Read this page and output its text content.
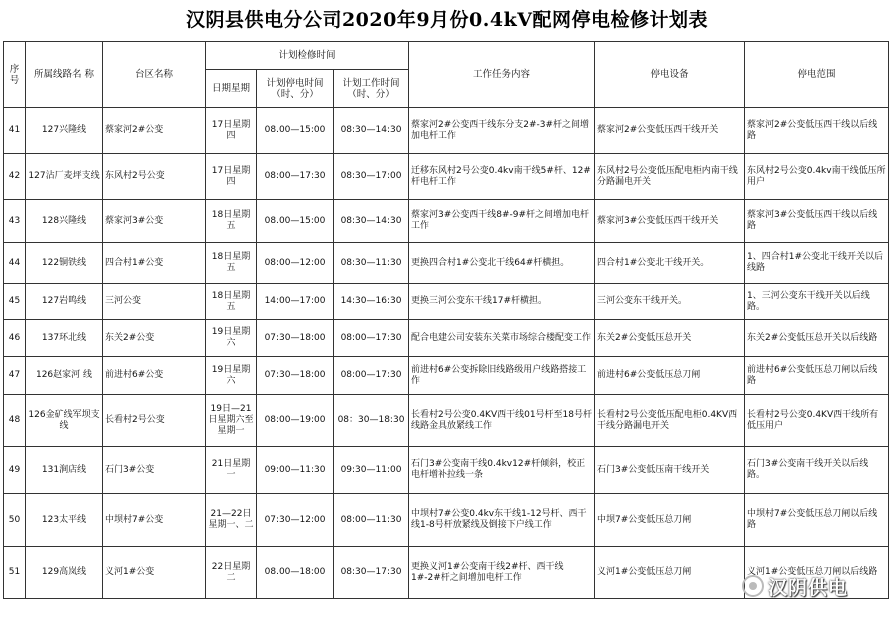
汉阴县供电分公司2020年9月份0.4kV配网停电检修计划表
序号	所属线路名 称	台区名称	计划检修时间			工作任务内容	停电设备	停电范围
			日期星期	计划停电时间（时、分）	计划工作时间（时、分）			
41	127兴隆线	蔡家河2#公变	17日星期四	08.00—15:00	08:30—14:30	蔡家河2#公变西干线东分支2#-3#杆之间增加电杆工作	蔡家河2#公变低压西干线开关	蔡家河2#公变低压西干线以后线路
42	127沾厂麦坪支线	东风村2号公变	17日星期四	08:00—17:30	08:30—17:00	迁移东风村2号公变0.4kv南干线5#杆、12#杆电杆工作	东风村2号公变低压配电柜内南干线分路漏电开关	东风村2号公变0.4kv南干线低压所用户
43	128兴隆线	蔡家河3#公变	18日星期五	08.00—15:00	08:30—14:30	蔡家河3#公变西干线8#-9#杆之间增加电杆工作	蔡家河3#公变低压西干线开关	蔡家河3#公变低压西干线以后线路
44	122铜铁线	四合村1#公变	18日星期五	08:00—12:00	08:30—11:30	更换四合村1#公变北干线64#杆横担。	四合村1#公变北干线开关。	1、四合村1#公变北干线开关以后线路
45	127岩鸣线	三河公变	18日星期五	14:00—17:00	14:30—16:30	更换三河公变东干线17#杆横担。	三河公变东干线开关。	1、三河公变东干线开关以后线路。
46	137环北线	东关2#公变	19日星期六	07:30—18:00	08:00—17:30	配合电建公司安装东关菜市场综合楼配变工作	东关2#公变低压总开关	东关2#公变低压总开关以后线路
47	126赵家河 线	前进村6#公变	19日星期六	07:30—18:00	08:00—17:30	前进村6#公变拆除旧线路级用户线路搭接工作	前进村6#公变低压总刀闸	前进村6#公变低压总刀闸以后线路
48	126金矿线军坝支线	长看村2号公变	19日—21日星期六至星期一	08:00—19:00	08：30—18:30	长看村2号公变0.4KV西干线01号杆至18号杆线路金具放紧线工作	长看村2号公变低压配电柜0.4KV西干线分路漏电开关	长看村2号公变0.4KV西干线所有低压用户
49	131涧店线	石门3#公变	21日星期一	09:00—11:30	09:30—11:00	石门3#公变南干线0.4kv12#杆倾斜，校正电杆增补拉线一条	石门3#公变低压南干线开关	石门3#公变南干线开关以后线路。
50	123太平线	中坝村7#公变	21—22日星期一、二	07:30—12:00	08:00—11:30	中坝村7#公变0.4kv东干线1-12号杆、西干线1-8号杆放紧线及倒接下户线工作	中坝7#公变低压总刀闸	中坝村7#公变低压总刀闸以后线路
51	129高岚线	义河1#公变	22日星期二	08.00—18:00	08:30—17:30	更换义河1#公变南干线2#杆、西干线1#-2#杆之间增加电杆工作	义河1#公变低压总刀闸	义河1#公变低压总刀闸以后线路
汉阴供电
